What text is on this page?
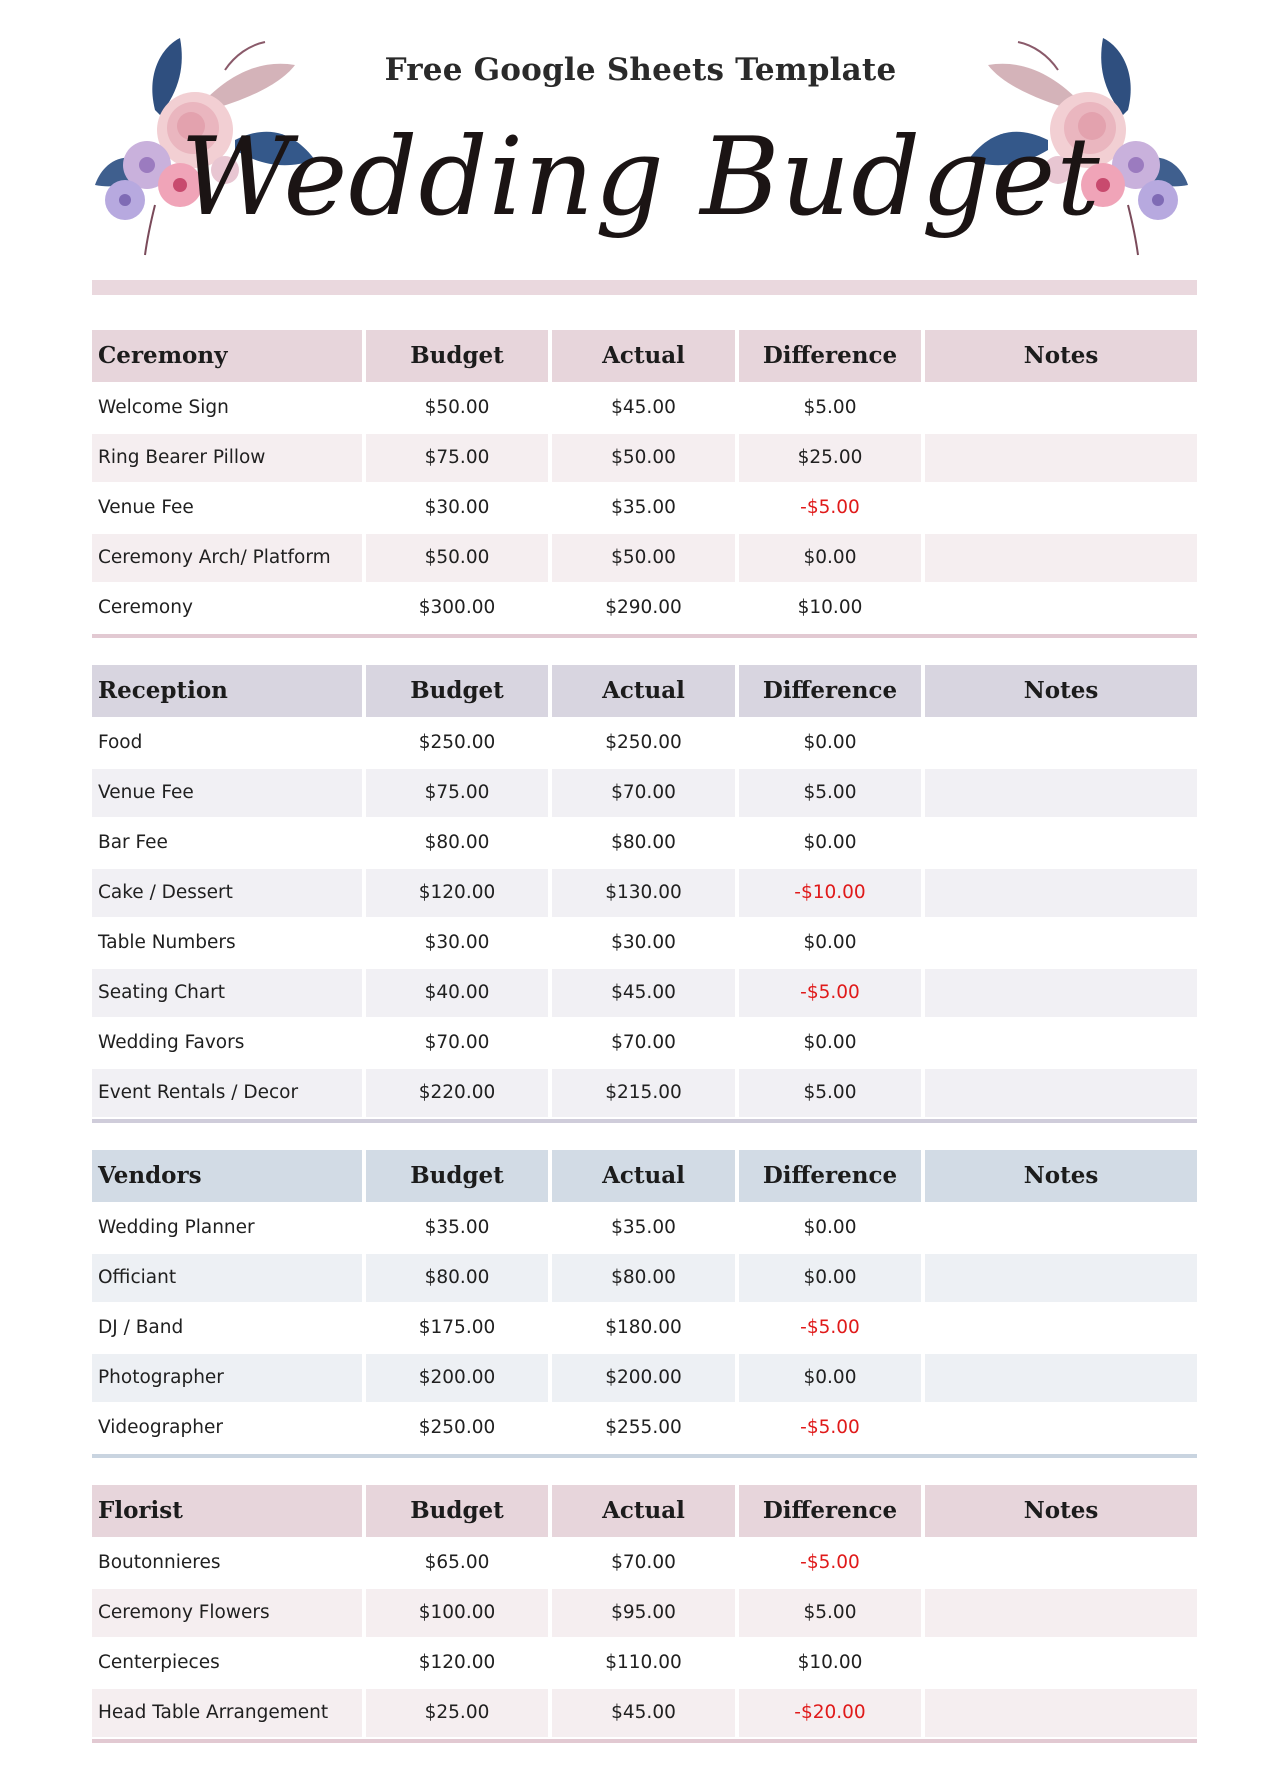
Free Google Sheets Template
Wedding Budget
Ceremony	Budget	Actual	Difference	Notes
Welcome Sign	$50.00	$45.00	$5.00
Ring Bearer Pillow	$75.00	$50.00	$25.00
Venue Fee	$30.00	$35.00	-$5.00
Ceremony Arch/ Platform	$50.00	$50.00	$0.00
Ceremony	$300.00	$290.00	$10.00
Reception	Budget	Actual	Difference	Notes
Food	$250.00	$250.00	$0.00
Venue Fee	$75.00	$70.00	$5.00
Bar Fee	$80.00	$80.00	$0.00
Cake / Dessert	$120.00	$130.00	-$10.00
Table Numbers	$30.00	$30.00	$0.00
Seating Chart	$40.00	$45.00	-$5.00
Wedding Favors	$70.00	$70.00	$0.00
Event Rentals / Decor	$220.00	$215.00	$5.00
Vendors	Budget	Actual	Difference	Notes
Wedding Planner	$35.00	$35.00	$0.00
Officiant	$80.00	$80.00	$0.00
DJ / Band	$175.00	$180.00	-$5.00
Photographer	$200.00	$200.00	$0.00
Videographer	$250.00	$255.00	-$5.00
Florist	Budget	Actual	Difference	Notes
Boutonnieres	$65.00	$70.00	-$5.00
Ceremony Flowers	$100.00	$95.00	$5.00
Centerpieces	$120.00	$110.00	$10.00
Head Table Arrangement	$25.00	$45.00	-$20.00
